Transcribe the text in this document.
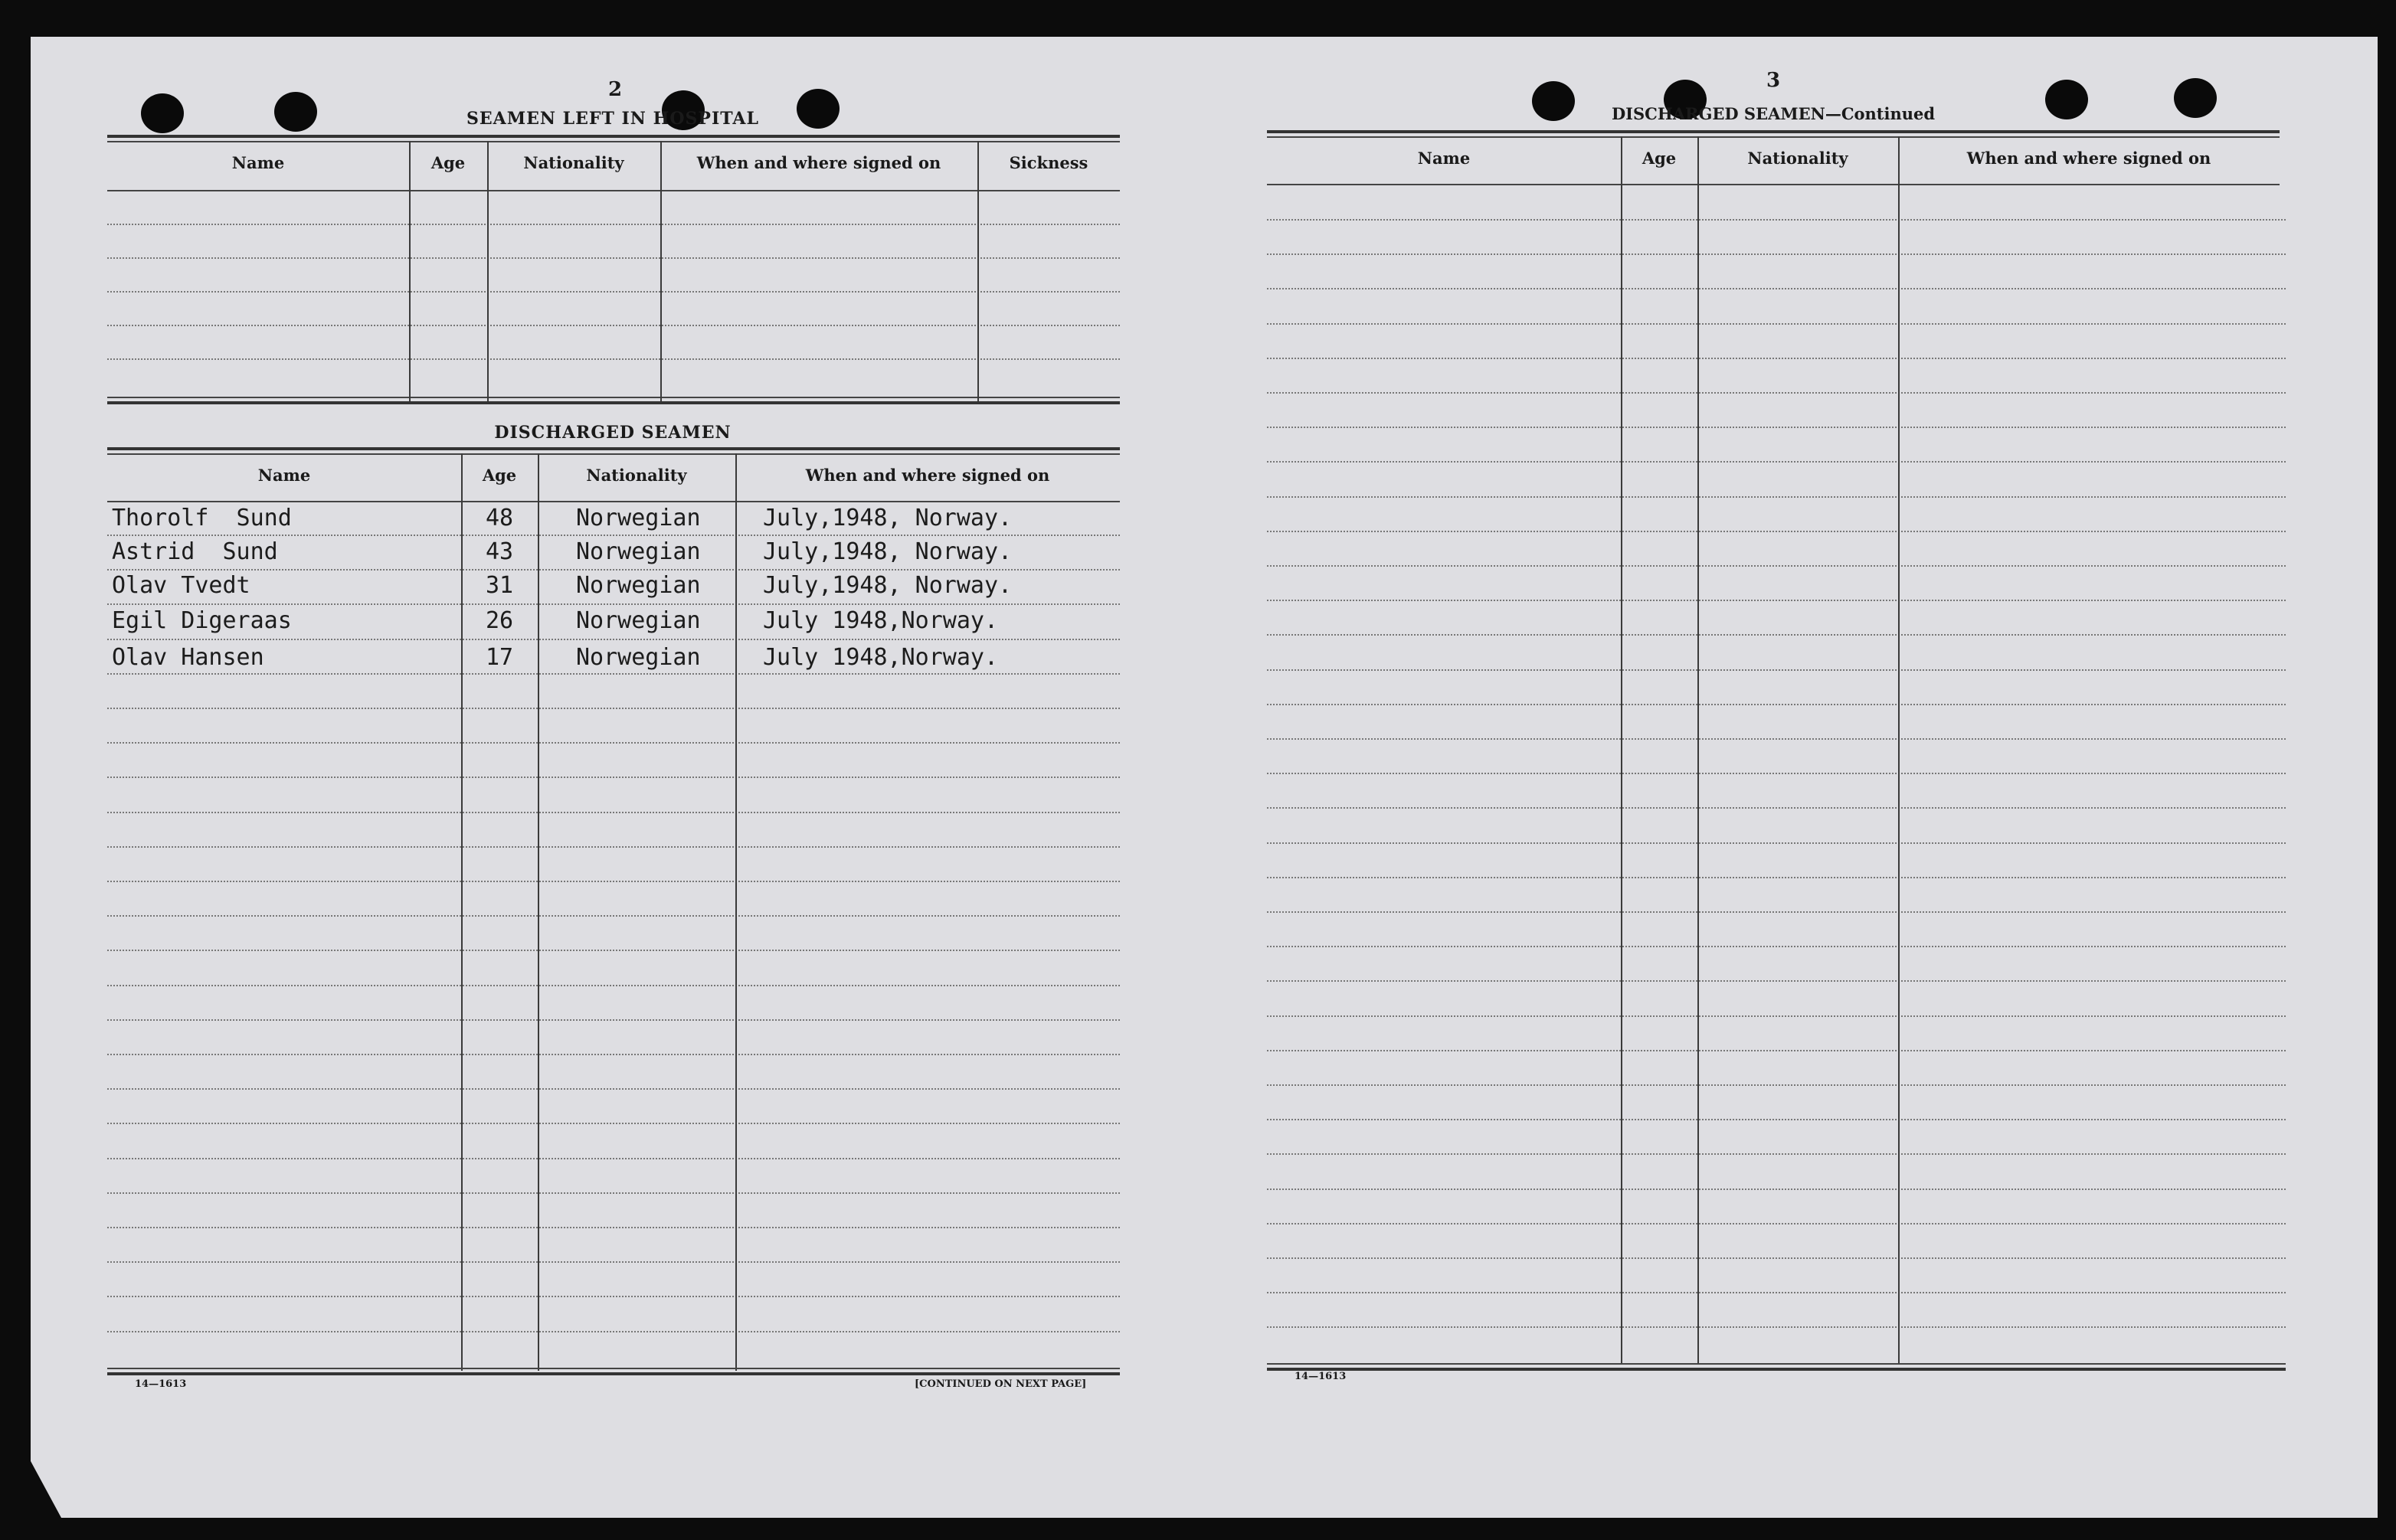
2
SEAMEN LEFT IN HOSPITAL
Name	Age	Nationality	When and where signed on	Sickness
DISCHARGED SEAMEN
Name	Age	Nationality	When and where signed on
Thorolf  Sund	48	Norwegian	July,1948, Norway.
Astrid  Sund	43	Norwegian	July,1948, Norway.
Olav Tvedt	31	Norwegian	July,1948, Norway.
Egil Digeraas	26	Norwegian	July 1948,Norway.
Olav Hansen	17	Norwegian	July 1948,Norway.
14—1613	[CONTINUED ON NEXT PAGE]
3
DISCHARGED SEAMEN—Continued
Name	Age	Nationality	When and where signed on
14—1613
